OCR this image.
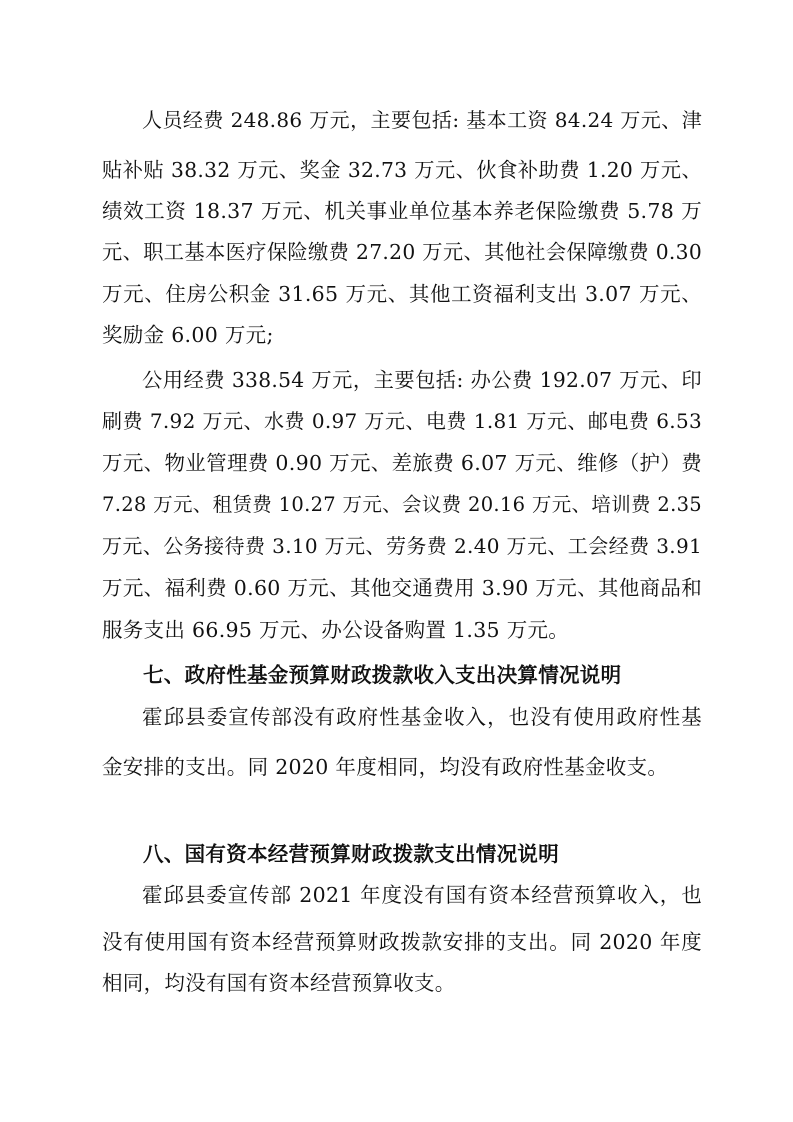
人员经费 248.86 万元，主要包括: 基本工资 84.24 万元、津
贴补贴 38.32 万元、奖金 32.73 万元、伙食补助费 1.20 万元、
绩效工资 18.37 万元、机关事业单位基本养老保险缴费 5.78 万
元、职工基本医疗保险缴费 27.20 万元、其他社会保障缴费 0.30
万元、住房公积金 31.65 万元、其他工资福利支出 3.07 万元、
奖励金 6.00 万元;
公用经费 338.54 万元，主要包括: 办公费 192.07 万元、印
刷费 7.92 万元、水费 0.97 万元、电费 1.81 万元、邮电费 6.53
万元、物业管理费 0.90 万元、差旅费 6.07 万元、维修（护）费
7.28 万元、租赁费 10.27 万元、会议费 20.16 万元、培训费 2.35
万元、公务接待费 3.10 万元、劳务费 2.40 万元、工会经费 3.91
万元、福利费 0.60 万元、其他交通费用 3.90 万元、其他商品和
服务支出 66.95 万元、办公设备购置 1.35 万元。
七、政府性基金预算财政拨款收入支出决算情况说明
霍邱县委宣传部没有政府性基金收入，也没有使用政府性基
金安排的支出。同 2020 年度相同，均没有政府性基金收支。
八、国有资本经营预算财政拨款支出情况说明
霍邱县委宣传部 2021 年度没有国有资本经营预算收入，也
没有使用国有资本经营预算财政拨款安排的支出。同 2020 年度
相同，均没有国有资本经营预算收支。
